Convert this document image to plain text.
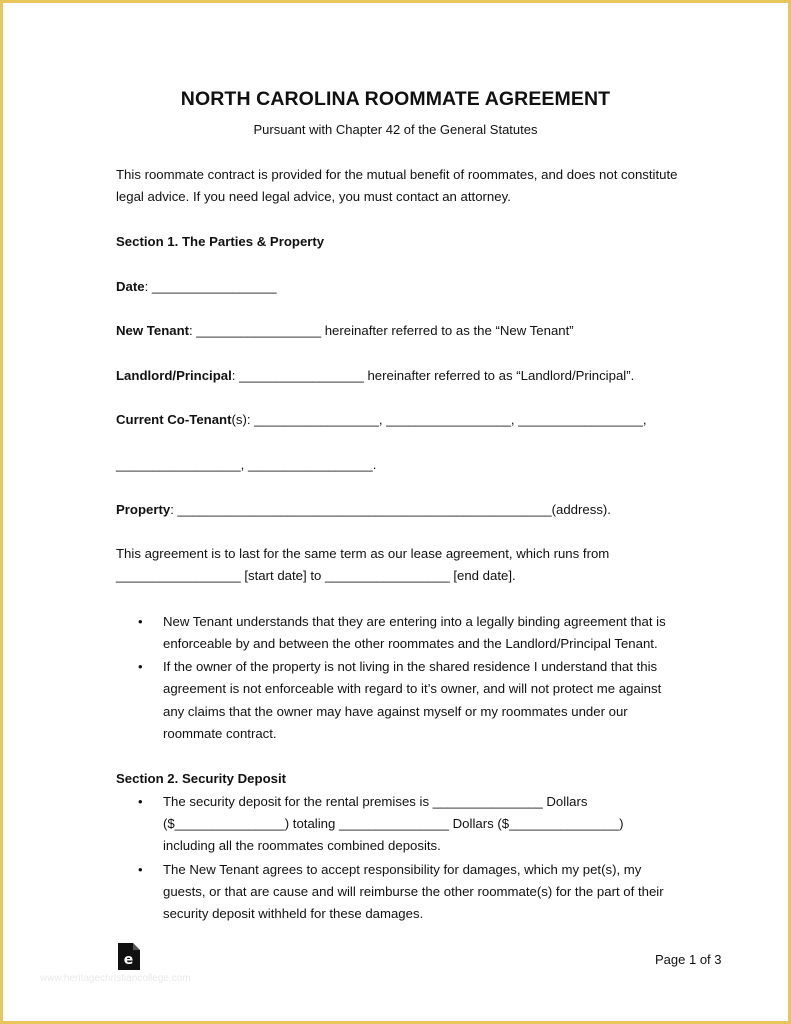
NORTH CAROLINA ROOMMATE AGREEMENT
Pursuant with Chapter 42 of the General Statutes
This roommate contract is provided for the mutual benefit of roommates, and does not constitute
legal advice. If you need legal advice, you must contact an attorney.
Section 1. The Parties & Property
Date: _________________
New Tenant: _________________ hereinafter referred to as the “New Tenant”
Landlord/Principal: _________________ hereinafter referred to as “Landlord/Principal”.
Current Co-Tenant(s): _________________, _________________, _________________,
_________________, _________________.
Property: ___________________________________________________(address).
This agreement is to last for the same term as our lease agreement, which runs from
_________________ [start date] to _________________ [end date].
• New Tenant understands that they are entering into a legally binding agreement that is
enforceable by and between the other roommates and the Landlord/Principal Tenant.
• If the owner of the property is not living in the shared residence I understand that this
agreement is not enforceable with regard to it’s owner, and will not protect me against
any claims that the owner may have against myself or my roommates under our
roommate contract.
Section 2. Security Deposit
• The security deposit for the rental premises is _______________ Dollars
($_______________) totaling _______________ Dollars ($_______________)
including all the roommates combined deposits.
• The New Tenant agrees to accept responsibility for damages, which my pet(s), my
guests, or that are cause and will reimburse the other roommate(s) for the part of their
security deposit withheld for these damages.
e
www.heritagechristiancollege.com
Page 1 of 3
